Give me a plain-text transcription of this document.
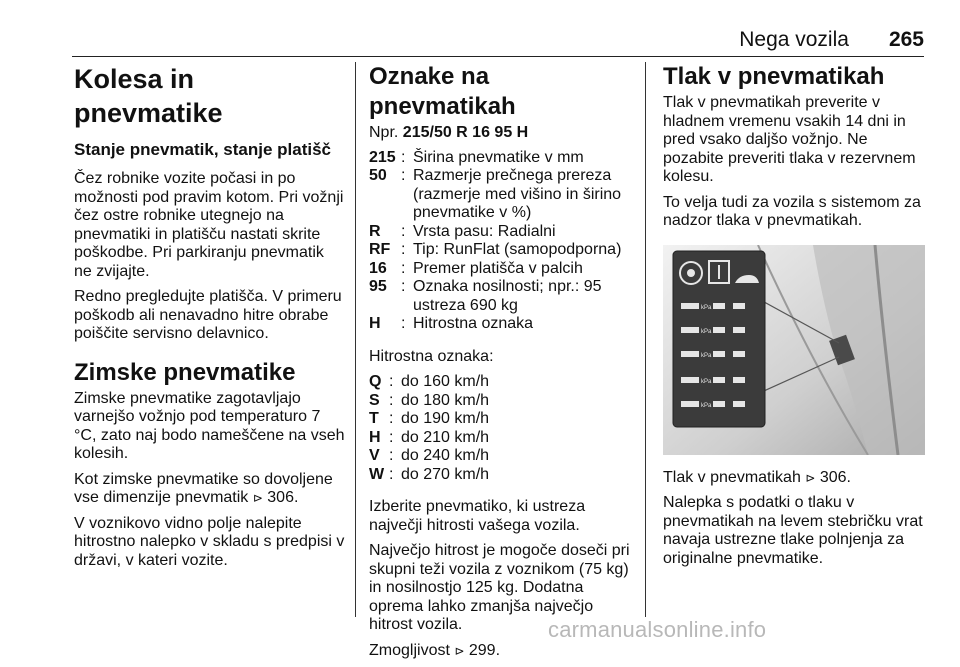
Nega vozila 265
Kolesa in pnevmatike
Stanje pnevmatik, stanje platišč

Čez robnike vozite počasi in po možnosti pod pravim kotom. Pri vožnji čez ostre robnike utegnejo na pnevmatiki in platišču nastati skrite poškodbe. Pri parkiranju pnevmatik ne zvijajte.

Redno pregledujte platišča. V primeru poškodb ali nenavadno hitre obrabe poiščite servisno delavnico.

Zimske pnevmatike

Zimske pnevmatike zagotavljajo varnejšo vožnjo pod temperaturo 7 °C, zato naj bodo nameščene na vseh kolesih.

Kot zimske pnevmatike so dovoljene vse dimenzije pnevmatik ⊳ 306.

V voznikovo vidno polje nalepite hitrostno nalepko v skladu s predpisi v državi, v kateri vozite.

Oznake na pnevmatikah

Npr. 215/50 R 16 95 H

215 : Širina pnevmatike v mm
50 : Razmerje prečnega prereza (razmerje med višino in širino pnevmatike v %)
R	: Vrsta pasu: Radialni
RF : Tip: RunFlat (samopodporna)
16 : Premer platišča v palcih
95 : Oznaka nosilnosti; npr.: 95 ustreza 690 kg
H	: Hitrostna oznaka

Hitrostna oznaka:

Q : do 160 km/h
S : do 180 km/h
T : do 190 km/h
H : do 210 km/h
V : do 240 km/h
W : do 270 km/h

Izberite pnevmatiko, ki ustreza največji hitrosti vašega vozila.

Največjo hitrost je mogoče doseči pri skupni teži vozila z voznikom (75 kg) in nosilnostjo 125 kg. Dodatna oprema lahko zmanjša največjo hitrost vozila.

Zmogljivost ⊳ 299.

Tlak v pnevmatikah

Tlak v pnevmatikah preverite v hladnem vremenu vsakih 14 dni in pred vsako daljšo vožnjo. Ne pozabite preveriti tlaka v rezervnem kolesu.

To velja tudi za vozila s sistemom za nadzor tlaka v pnevmatikah.

kPa
kPa
kPa
kPa
kPa

Tlak v pnevmatikah ⊳ 306.

Nalepka s podatki o tlaku v pnevmatikah na levem stebričku vrat navaja ustrezne tlake polnjenja za originalne pnevmatike.

carmanualsonline.info
